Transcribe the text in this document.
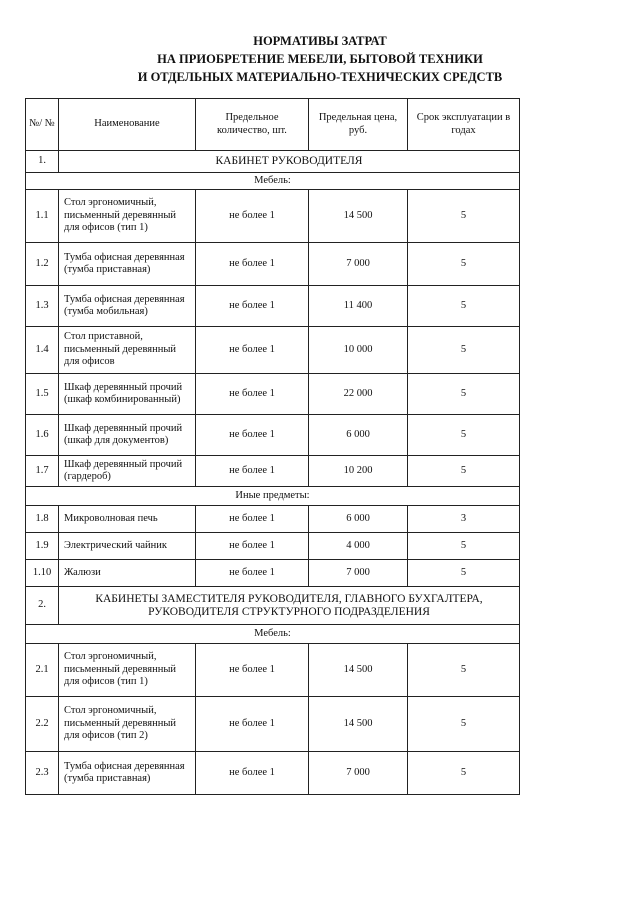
НОРМАТИВЫ ЗАТРАТ
НА ПРИОБРЕТЕНИЕ МЕБЕЛИ, БЫТОВОЙ ТЕХНИКИ
И ОТДЕЛЬНЫХ МАТЕРИАЛЬНО-ТЕХНИЧЕСКИХ СРЕДСТВ
№/ №	Наименование	Предельное количество, шт.	Предельная цена, руб.	Срок эксплуатации в годах
1.	КАБИНЕТ РУКОВОДИТЕЛЯ			
Мебель:				
1.1	Стол эргономичный, письменный деревянный для офисов (тип 1)	не более 1	14 500	5
1.2	Тумба офисная деревянная (тумба приставная)	не более 1	7 000	5
1.3	Тумба офисная деревянная (тумба мобильная)	не более 1	11 400	5
1.4	Стол приставной, письменный деревянный для офисов	не более 1	10 000	5
1.5	Шкаф деревянный прочий (шкаф комбинированный)	не более 1	22 000	5
1.6	Шкаф деревянный прочий (шкаф для документов)	не более 1	6 000	5
1.7	Шкаф деревянный прочий (гардероб)	не более 1	10 200	5
Иные предметы:				
1.8	Микроволновая печь	не более 1	6 000	3
1.9	Электрический чайник	не более 1	4 000	5
1.10	Жалюзи	не более 1	7 000	5
2.	КАБИНЕТЫ ЗАМЕСТИТЕЛЯ РУКОВОДИТЕЛЯ, ГЛАВНОГО БУХГАЛТЕРА, РУКОВОДИТЕЛЯ СТРУКТУРНОГО ПОДРАЗДЕЛЕНИЯ			
Мебель:				
2.1	Стол эргономичный, письменный деревянный для офисов (тип 1)	не более 1	14 500	5
2.2	Стол эргономичный, письменный деревянный для офисов (тип 2)	не более 1	14 500	5
2.3	Тумба офисная деревянная (тумба приставная)	не более 1	7 000	5
